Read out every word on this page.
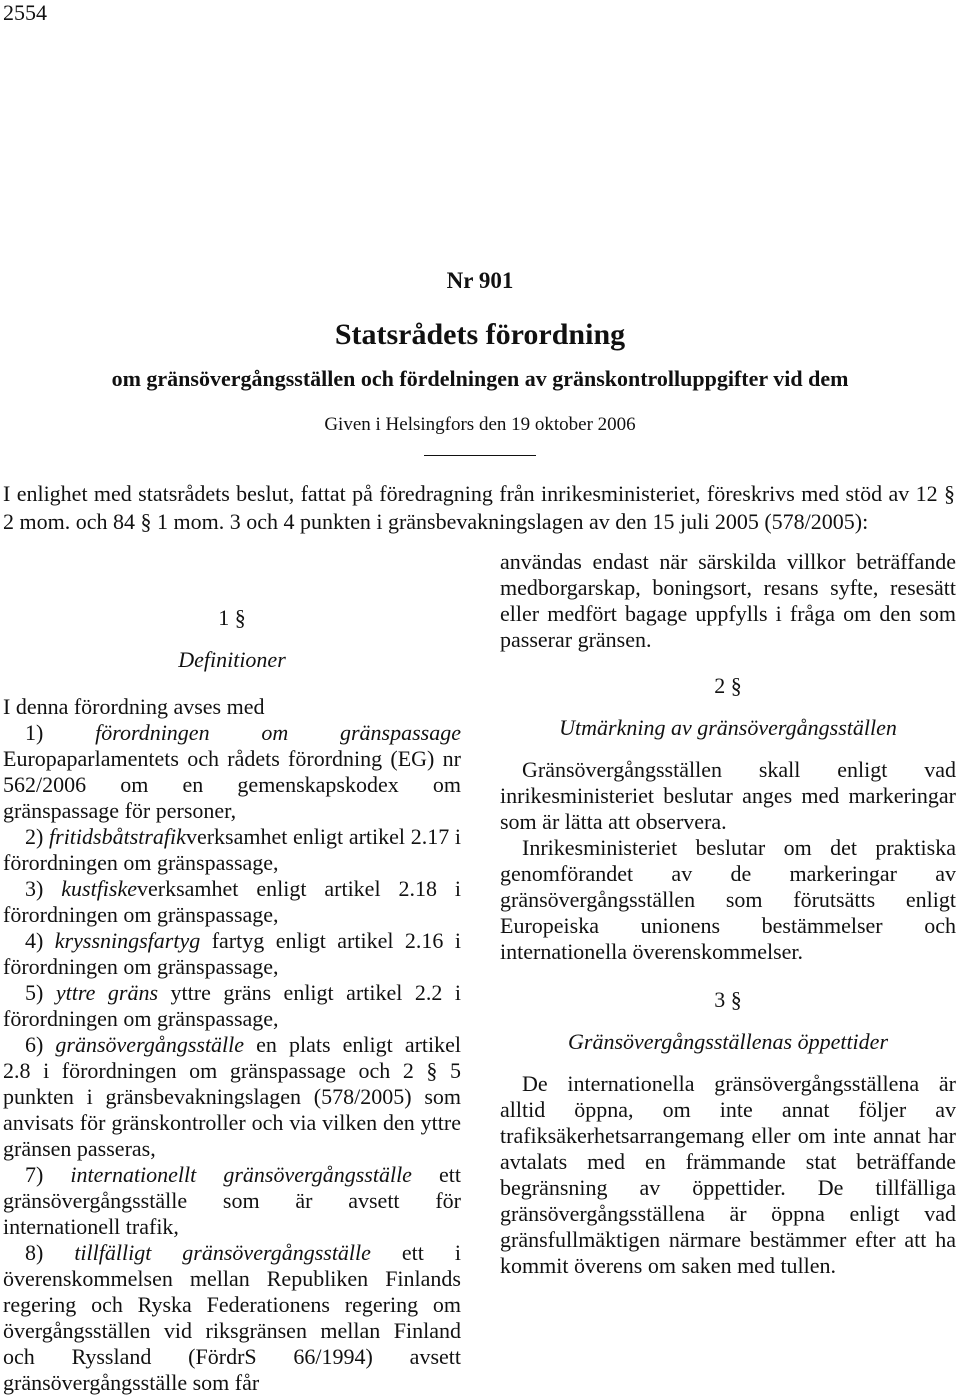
2554
Nr 901
Statsrådets förordning
om gränsövergångsställen och fördelningen av gränskontrolluppgifter vid dem
Given i Helsingfors den 19 oktober 2006
I enlighet med statsrådets beslut, fattat på föredragning från inrikesministeriet, föreskrivs med stöd av 12 § 2 mom. och 84 § 1 mom. 3 och 4 punkten i gränsbevakningslagen av den 15 juli 2005 (578/2005):

1 §

Definitioner

I denna förordning avses med

1) förordningen om gränspassage Europaparlamentets och rådets förordning (EG) nr 562/2006 om en gemenskapskodex om gränspassage för personer,

2) fritidsbåtstrafikverksamhet enligt artikel 2.17 i förordningen om gränspassage,

3) kustfiskeverksamhet enligt artikel 2.18 i förordningen om gränspassage,

4) kryssningsfartyg fartyg enligt artikel 2.16 i förordningen om gränspassage,

5) yttre gräns yttre gräns enligt artikel 2.2 i förordningen om gränspassage,

6) gränsövergångsställe en plats enligt artikel 2.8 i förordningen om gränspassage och 2 § 5 punkten i gränsbevakningslagen (578/2005) som anvisats för gränskontroller och via vilken den yttre gränsen passeras,

7) internationellt gränsövergångsställe ett gränsövergångsställe som är avsett för internationell trafik,

8) tillfälligt gränsövergångsställe ett i överenskommelsen mellan Republiken Finlands regering och Ryska Federationens regering om övergångsställen vid riksgränsen mellan Finland och Ryssland (FördrS 66/1994) avsett gränsövergångsställe som får

användas endast när särskilda villkor beträffande medborgarskap, boningsort, resans syfte, resesätt eller medfört bagage uppfylls i fråga om den som passerar gränsen.

2 §

Utmärkning av gränsövergångsställen

Gränsövergångsställen skall enligt vad inrikesministeriet beslutar anges med markeringar som är lätta att observera.

Inrikesministeriet beslutar om det praktiska genomförandet av de markeringar av gränsövergångsställen som förutsätts enligt Europeiska unionens bestämmelser och internationella överenskommelser.

3 §

Gränsövergångsställenas öppettider

De internationella gränsövergångsställena är alltid öppna, om inte annat följer av trafiksäkerhetsarrangemang eller om inte annat har avtalats med en främmande stat beträffande begränsning av öppettider. De tillfälliga gränsövergångsställena är öppna enligt vad gränsfullmäktigen närmare bestämmer efter att ha kommit överens om saken med tullen.
